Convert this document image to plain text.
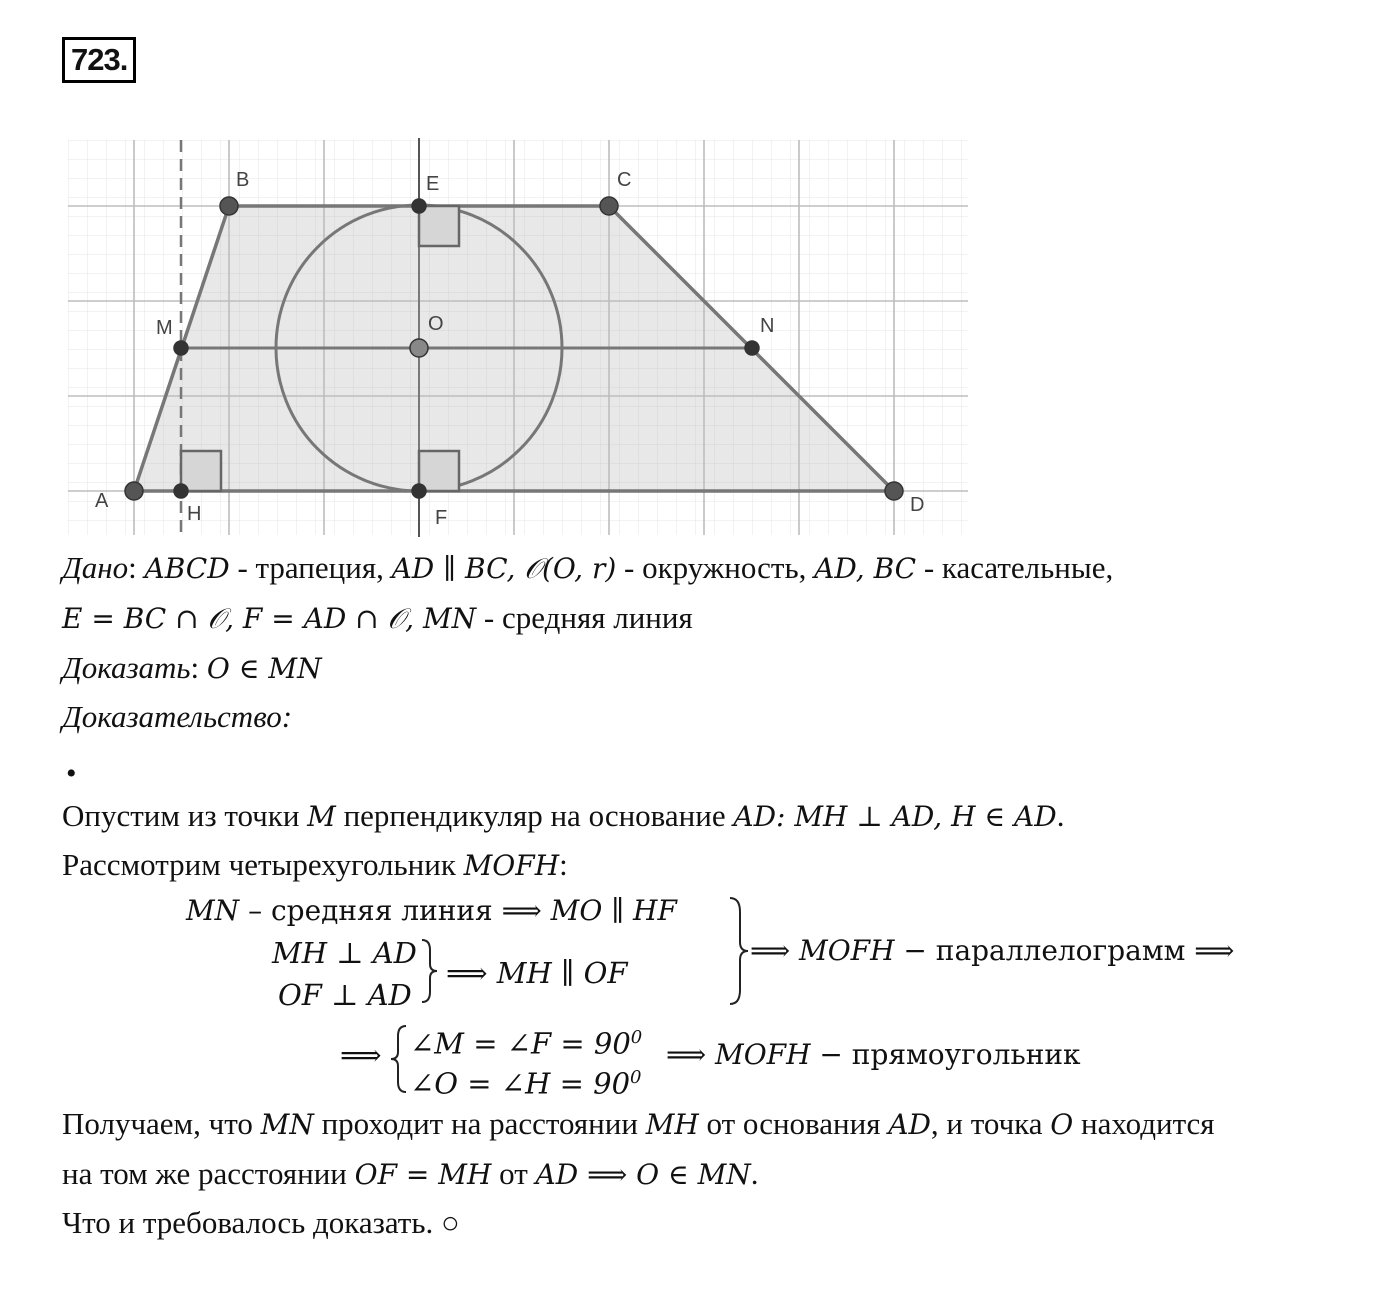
723.
A
B	C
D
E
F
M	N
O
H
Дано: ABCD - трапеция, AD ∥ BC, 𝒪(O, r) - окружность, AD, BC - касательные,
E = BC ∩ 𝒪, F = AD ∩ 𝒪, MN - средняя линия
Доказать: O ∈ MN
Доказательство:
•
Опустим из точки M перпендикуляр на основание AD: MH ⊥ AD, H ∈ AD.
Рассмотрим четырехугольник MOFH:
MN – средняя линия ⟹ MO ∥ HF
MH ⊥ AD
OF ⊥ AD
⟹ MH ∥ OF
⟹ MOFH − параллелограмм ⟹
⟹ ∠M = ∠F = $90^0$
∠O = ∠H = $90^0$
⟹ MOFH − прямоугольник
Получаем, что MN проходит на расстоянии MH от основания AD, и точка O находится
на том же расстоянии OF = MH от AD ⟹ O ∈ MN.
Что и требовалось доказать. ○
